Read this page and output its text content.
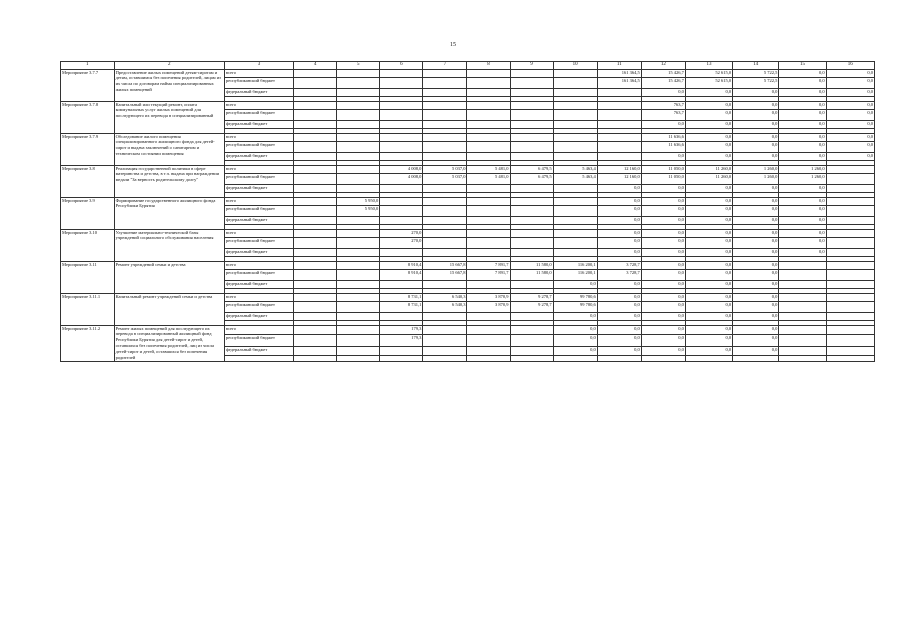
15
1	2	3	4	5	6	7	8	9	10	11	12	13	14	15	16
Мероприятие 3.7.7	Предоставление жилых помещений детям-сиротам и детям, оставшимся без попечения родителей, лицам из их числа по договорам найма специализированных жилых помещений	всего								161 364,5	15 426,7	52 615,0	5 722,5	0,0	0,0
		республиканский бюджет								161 364,5	15 426,7	52 615,0	5 722,5	0,0	0,0
		федеральный бюджет									0,0	0,0	0,0	0,0	0,0

Мероприятие 3.7.8	Капитальный или текущий ремонт, оплата коммунальных услуг жилых помещений для последующего их перевода в специализированный	всего									763,7	0,0	0,0	0,0	0,0
		республиканский бюджет									763,7	0,0	0,0	0,0	0,0
		федеральный бюджет									0,0	0,0	0,0	0,0	0,0

Мероприятие 3.7.9	Обследование жилого помещения специализированного жилищного фонда для детей-сирот и выдача заключений о санитарном и техническом состоянии помещения	всего									11 636,6	0,0	0,0	0,0	0,0
		республиканский бюджет									11 636,6	0,0	0,0	0,0	0,0
		федеральный бюджет									0,0	0,0	0,0	0,0	0,0

Мероприятие 3.8	Реализация государственной политики в сфере материнства и детства, в т.ч. выдача при награждении медали "За верность родительскому долгу"	всего			4 008,0	5 037,0	5 481,0	6 479,5	5 463,4	12 160,0	11 050,0	11 260,0	1 260,0	1 260,0	
		республиканский бюджет			4 008,0	5 037,0	5 481,0	6 479,5	5 463,4	12 160,0	11 050,0	11 260,0	1 260,0	1 260,0	
		федеральный бюджет								0,0	0,0	0,0	0,0	0,0	

Мероприятие 3.9	Формирование государственного жилищного фонда Республики Бурятия	всего		5 950,0						0,0	0,0	0,0	0,0	0,0	
		республиканский бюджет		5 950,0						0,0	0,0	0,0	0,0	0,0	
		федеральный бюджет								0,0	0,0	0,0	0,0	0,0	

Мероприятие 3.10	Улучшение материально-технической базы учреждений социального обслуживания населения	всего			270,0					0,0	0,0	0,0	0,0	0,0	
		республиканский бюджет			270,0					0,0	0,0	0,0	0,0	0,0	
		федеральный бюджет								0,0	0,0	0,0	0,0	0,0	

Мероприятие 3.11	Ремонт учреждений семьи и детства	всего			8 910,4	15 667,8	7 891,7	11 580,0	116 200,1	3 728,7	0,0	0,0	0,0		
		республиканский бюджет			8 910,4	15 667,8	7 891,7	11 580,0	116 200,1	3 728,7	0,0	0,0	0,0		
		федеральный бюджет							0,0	0,0	0,0	0,0	0,0		

Мероприятие 3.11.1	Капитальный ремонт учреждений семьи и детства	всего			8 731,1	6 540,3	3 870,9	9 278,7	99 780,6	0,0	0,0	0,0	0,0		
		республиканский бюджет			8 731,1	6 540,3	3 870,9	9 278,7	99 780,6	0,0	0,0	0,0	0,0		
		федеральный бюджет							0,0	0,0	0,0	0,0	0,0		

Мероприятие 3.11.2	Ремонт жилых помещений для последующего их перевода в специализированный жилищный фонд Республики Бурятия для детей-сирот и детей, оставшихся без попечения родителей, лиц из числа детей-сирот и детей, оставшихся без попечения родителей	всего			179,3				0,0	0,0	0,0	0,0	0,0		
		республиканский бюджет			179,3				0,0	0,0	0,0	0,0	0,0		
		федеральный бюджет							0,0	0,0	0,0	0,0	0,0		
